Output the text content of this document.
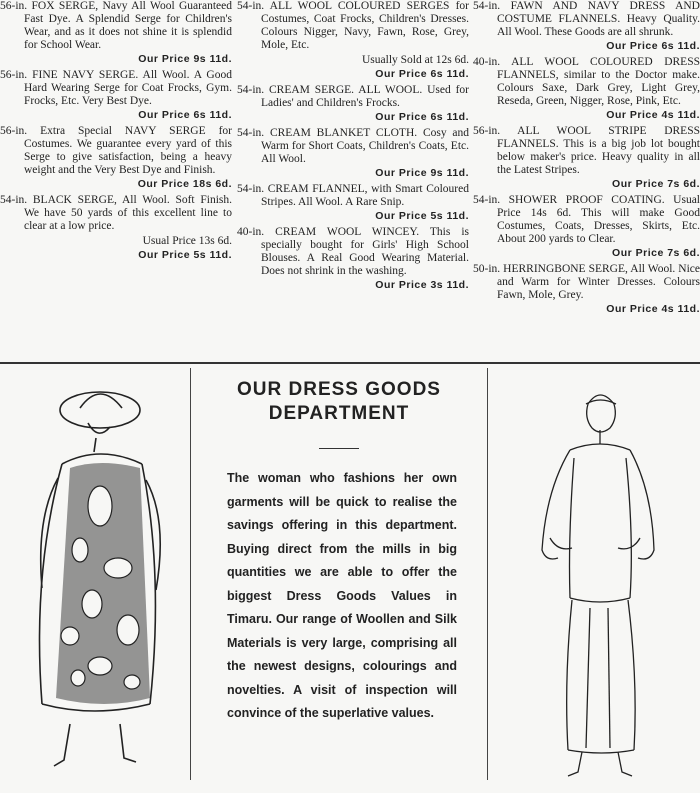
56-in. FOX SERGE, Navy All Wool Guaranteed Fast Dye. A Splendid Serge for Children's Wear, and as it does not shine it is splendid for School Wear.

Our Price 9s 11d.

56-in. FINE NAVY SERGE. All Wool. A Good Hard Wearing Serge for Coat Frocks, Gym. Frocks, Etc. Very Best Dye.

Our Price 6s 11d.

56-in. Extra Special NAVY SERGE for Costumes. We guarantee every yard of this Serge to give satisfaction, being a heavy weight and the Very Best Dye and Finish.

Our Price 18s 6d.

54-in. BLACK SERGE, All Wool. Soft Finish. We have 50 yards of this excellent line to clear at a low price.

Usual Price 13s 6d.
Our Price 5s 11d.

54-in. ALL WOOL COLOURED SERGES for Costumes, Coat Frocks, Children's Dresses. Colours Nigger, Navy, Fawn, Rose, Grey, Mole, Etc.

Usually Sold at 12s 6d.
Our Price 6s 11d.

54-in. CREAM SERGE. ALL WOOL. Used for Ladies' and Children's Frocks.

Our Price 6s 11d.

54-in. CREAM BLANKET CLOTH. Cosy and Warm for Short Coats, Children's Coats, Etc. All Wool.

Our Price 9s 11d.

54-in. CREAM FLANNEL, with Smart Coloured Stripes. All Wool. A Rare Snip.

Our Price 5s 11d.

40-in. CREAM WOOL WINCEY. This is specially bought for Girls' High School Blouses. A Real Good Wearing Material. Does not shrink in the washing.

Our Price 3s 11d.

54-in. FAWN AND NAVY DRESS AND COSTUME FLANNELS. Heavy Quality. All Wool. These Goods are all shrunk.

Our Price 6s 11d.

40-in. ALL WOOL COLOURED DRESS FLANNELS, similar to the Doctor make. Colours Saxe, Dark Grey, Light Grey, Reseda, Green, Nigger, Rose, Pink, Etc.

Our Price 4s 11d.

56-in. ALL WOOL STRIPE DRESS FLANNELS. This is a big job lot bought below maker's price. Heavy quality in all the Latest Stripes.

Our Price 7s 6d.

54-in. SHOWER PROOF COATING. Usual Price 14s 6d. This will make Good Costumes, Coats, Dresses, Skirts, Etc. About 200 yards to Clear.

Our Price 7s 6d.

50-in. HERRINGBONE SERGE, All Wool. Nice and Warm for Winter Dresses. Colours Fawn, Mole, Grey.

Our Price 4s 11d.
OUR DRESS GOODS
DEPARTMENT
The woman who fashions her own garments will be quick to realise the savings offering in this department. Buying direct from the mills in big quantities we are able to offer the biggest Dress Goods Values in Timaru. Our range of Woollen and Silk Materials is very large, comprising all the newest designs, colourings and novelties. A visit of inspection will convince of the superlative values.
